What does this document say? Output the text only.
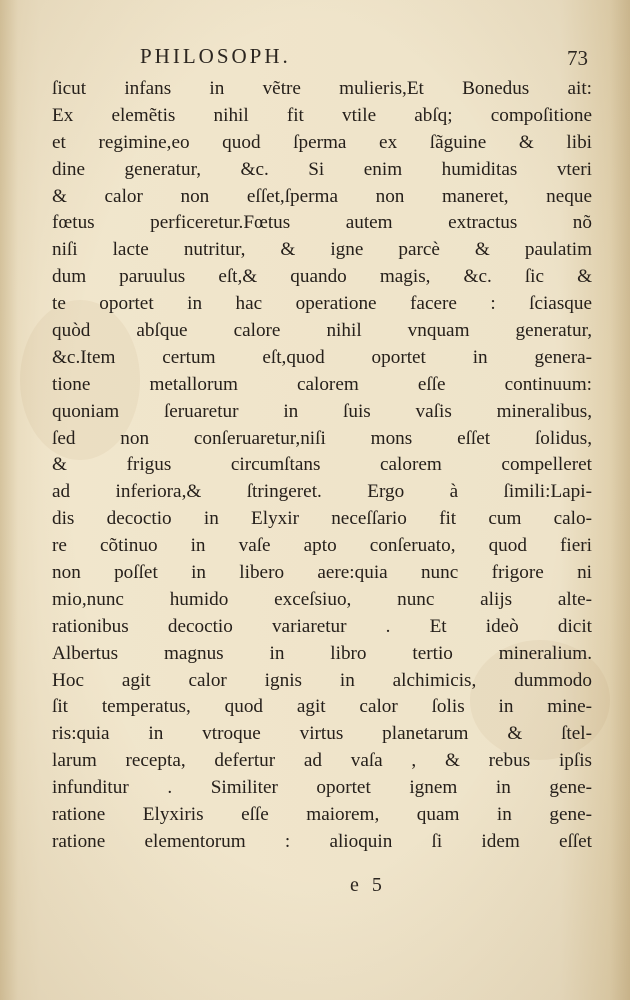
PHILOSOPH.	73
ſicut infans in vẽtre mulieris,Et Bonedus ait:
Ex elemẽtis nihil fit vtile abſq; compoſitione
et regimine,eo quod ſperma ex ſãguine & libi
dine generatur, &c. Si enim humiditas vteri
& calor non eſſet,ſperma non maneret, neque
fœtus perficeretur.Fœtus autem extractus nõ
niſi lacte nutritur, & igne parcè & paulatim
dum paruulus eſt,& quando magis, &c. ſic &
te oportet in hac operatione facere : ſciasque
quòd abſque calore nihil vnquam generatur,
&c.Item certum eſt,quod oportet in genera-
tione metallorum calorem eſſe continuum:
quoniam ſeruaretur in ſuis vaſis mineralibus,
ſed non conſeruaretur,niſi mons eſſet ſolidus,
& frigus circumſtans calorem compelleret
ad inferiora,& ſtringeret. Ergo à ſimili:Lapi-
dis decoctio in Elyxir neceſſario fit cum calo-
re cõtinuo in vaſe apto conſeruato, quod fieri
non poſſet in libero aere:quia nunc frigore ni
mio,nunc humido exceſsiuo, nunc alijs alte-
rationibus decoctio variaretur . Et ideò dicit
Albertus magnus in libro tertio mineralium.
Hoc agit calor ignis in alchimicis, dummodo
ſit temperatus, quod agit calor ſolis in mine-
ris:quia in vtroque virtus planetarum & ſtel-
larum recepta, defertur ad vaſa , & rebus ipſis
infunditur . Similiter oportet ignem in gene-
ratione Elyxiris eſſe maiorem, quam in gene-
ratione elementorum : alioquin ſi idem eſſet
e 5
